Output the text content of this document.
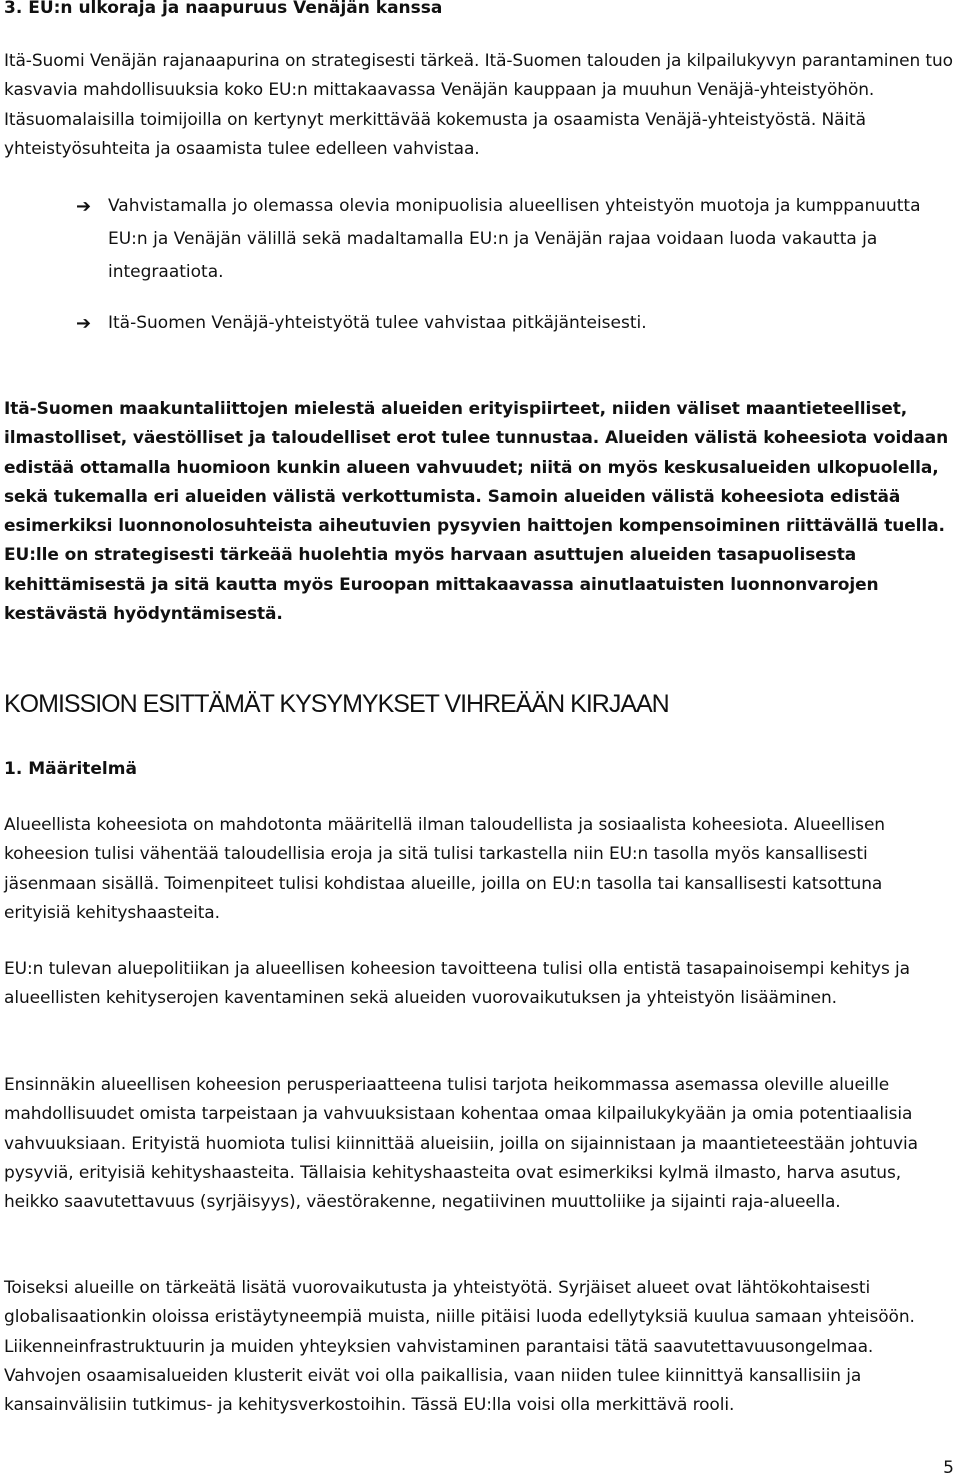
3. EU:n ulkoraja ja naapuruus Venäjän kanssa

Itä-Suomi Venäjän rajanaapurina on strategisesti tärkeä. Itä-Suomen talouden ja kilpailukyvyn parantaminen tuo kasvavia mahdollisuuksia koko EU:n mittakaavassa Venäjän kauppaan ja muuhun Venäjä-yhteistyöhön. Itäsuomalaisilla toimijoilla on kertynyt merkittävää kokemusta ja osaamista Venäjä-yhteistyöstä. Näitä yhteistyösuhteita ja osaamista tulee edelleen vahvistaa.

➔ Vahvistamalla jo olemassa olevia monipuolisia alueellisen yhteistyön muotoja ja kumppanuutta EU:n ja Venäjän välillä sekä madaltamalla EU:n ja Venäjän rajaa voidaan luoda vakautta ja integraatiota.
➔ Itä-Suomen Venäjä-yhteistyötä tulee vahvistaa pitkäjänteisesti.

Itä-Suomen maakuntaliittojen mielestä alueiden erityispiirteet, niiden väliset maantieteelliset, ilmastolliset, väestölliset ja taloudelliset erot tulee tunnustaa. Alueiden välistä koheesiota voidaan edistää ottamalla huomioon kunkin alueen vahvuudet; niitä on myös keskusalueiden ulkopuolella, sekä tukemalla eri alueiden välistä verkottumista. Samoin alueiden välistä koheesiota edistää esimerkiksi luonnonolosuhteista aiheutuvien pysyvien haittojen kompensoiminen riittävällä tuella. EU:lle on strategisesti tärkeää huolehtia myös harvaan asuttujen alueiden tasapuolisesta kehittämisestä ja sitä kautta myös Euroopan mittakaavassa ainutlaatuisten luonnonvarojen kestävästä hyödyntämisestä.

KOMISSION ESITTÄMÄT KYSYMYKSET VIHREÄÄN KIRJAAN
1. Määritelmä

Alueellista koheesiota on mahdotonta määritellä ilman taloudellista ja sosiaalista koheesiota. Alueellisen koheesion tulisi vähentää taloudellisia eroja ja sitä tulisi tarkastella niin EU:n tasolla myös kansallisesti jäsenmaan sisällä. Toimenpiteet tulisi kohdistaa alueille, joilla on EU:n tasolla tai kansallisesti katsottuna erityisiä kehityshaasteita.

EU:n tulevan aluepolitiikan ja alueellisen koheesion tavoitteena tulisi olla entistä tasapainoisempi kehitys ja alueellisten kehityserojen kaventaminen sekä alueiden vuorovaikutuksen ja yhteistyön lisääminen.

Ensinnäkin alueellisen koheesion perusperiaatteena tulisi tarjota heikommassa asemassa oleville alueille mahdollisuudet omista tarpeistaan ja vahvuuksistaan kohentaa omaa kilpailukykyään ja omia potentiaalisia vahvuuksiaan. Erityistä huomiota tulisi kiinnittää alueisiin, joilla on sijainnistaan ja maantieteestään johtuvia pysyviä, erityisiä kehityshaasteita. Tällaisia kehityshaasteita ovat esimerkiksi kylmä ilmasto, harva asutus, heikko saavutettavuus (syrjäisyys), väestörakenne, negatiivinen muuttoliike ja sijainti raja-alueella.

Toiseksi alueille on tärkeätä lisätä vuorovaikutusta ja yhteistyötä. Syrjäiset alueet ovat lähtökohtaisesti globalisaationkin oloissa eristäytyneempiä muista, niille pitäisi luoda edellytyksiä kuulua samaan yhteisöön. Liikenneinfrastruktuurin ja muiden yhteyksien vahvistaminen parantaisi tätä saavutettavuusongelmaa. Vahvojen osaamisalueiden klusterit eivät voi olla paikallisia, vaan niiden tulee kiinnittyä kansallisiin ja kansainvälisiin tutkimus- ja kehitysverkostoihin. Tässä EU:lla voisi olla merkittävä rooli.

5
